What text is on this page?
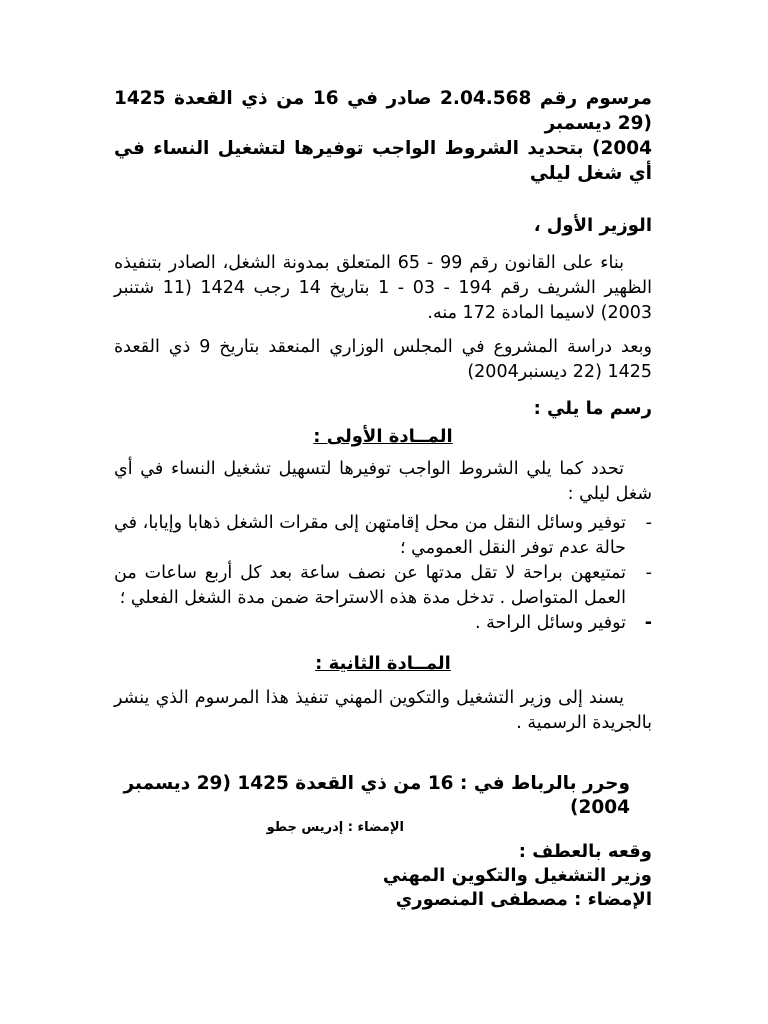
مرسوم رقم 2.04.568 صادر في 16 من ذي القعدة 1425 (29 ديسمبر

2004) بتحديد الشروط الواجب توفيرها لتشغيل النساء في أي شغل ليلي

الوزير الأول ،

بناء على القانون رقم 99 - 65 المتعلق بمدونة الشغل، الصادر بتنفيذه الظهير الشريف رقم 194 - 03 - 1 بتاريخ 14 رجب 1424 (11 شتنبر 2003) لاسيما المادة 172 منه.

وبعد دراسة المشروع في المجلس الوزاري المنعقد بتاريخ 9 ذي القعدة 1425 (22 ديسنبر2004)

رسم ما يلي :

المــادة الأولى :

تحدد كما يلي الشروط الواجب توفيرها لتسهيل تشغيل النساء في أي شغل ليلي :

-
توفير وسائل النقل من محل إقامتهن إلى مقرات الشغل ذهابا وإيابا، في حالة عدم توفر النقل العمومي ؛
-
تمتيعهن براحة لا تقل مدتها عن نصف ساعة بعد كل أربع ساعات من العمل المتواصل . تدخل مدة هذه الاستراحة ضمن مدة الشغل الفعلي ؛
-
توفير وسائل الراحة .

المــادة الثانية :

يسند إلى وزير التشغيل والتكوين المهني تنفيذ هذا المرسوم الذي ينشر بالجريدة الرسمية .

وحرر بالرباط في : 16 من ذي القعدة 1425 (29 ديسمبر 2004)

الإمضاء : إدريس جطو

وقعه بالعطف :

وزير التشغيل والتكوين المهني

الإمضاء : مصطفى المنصوري
